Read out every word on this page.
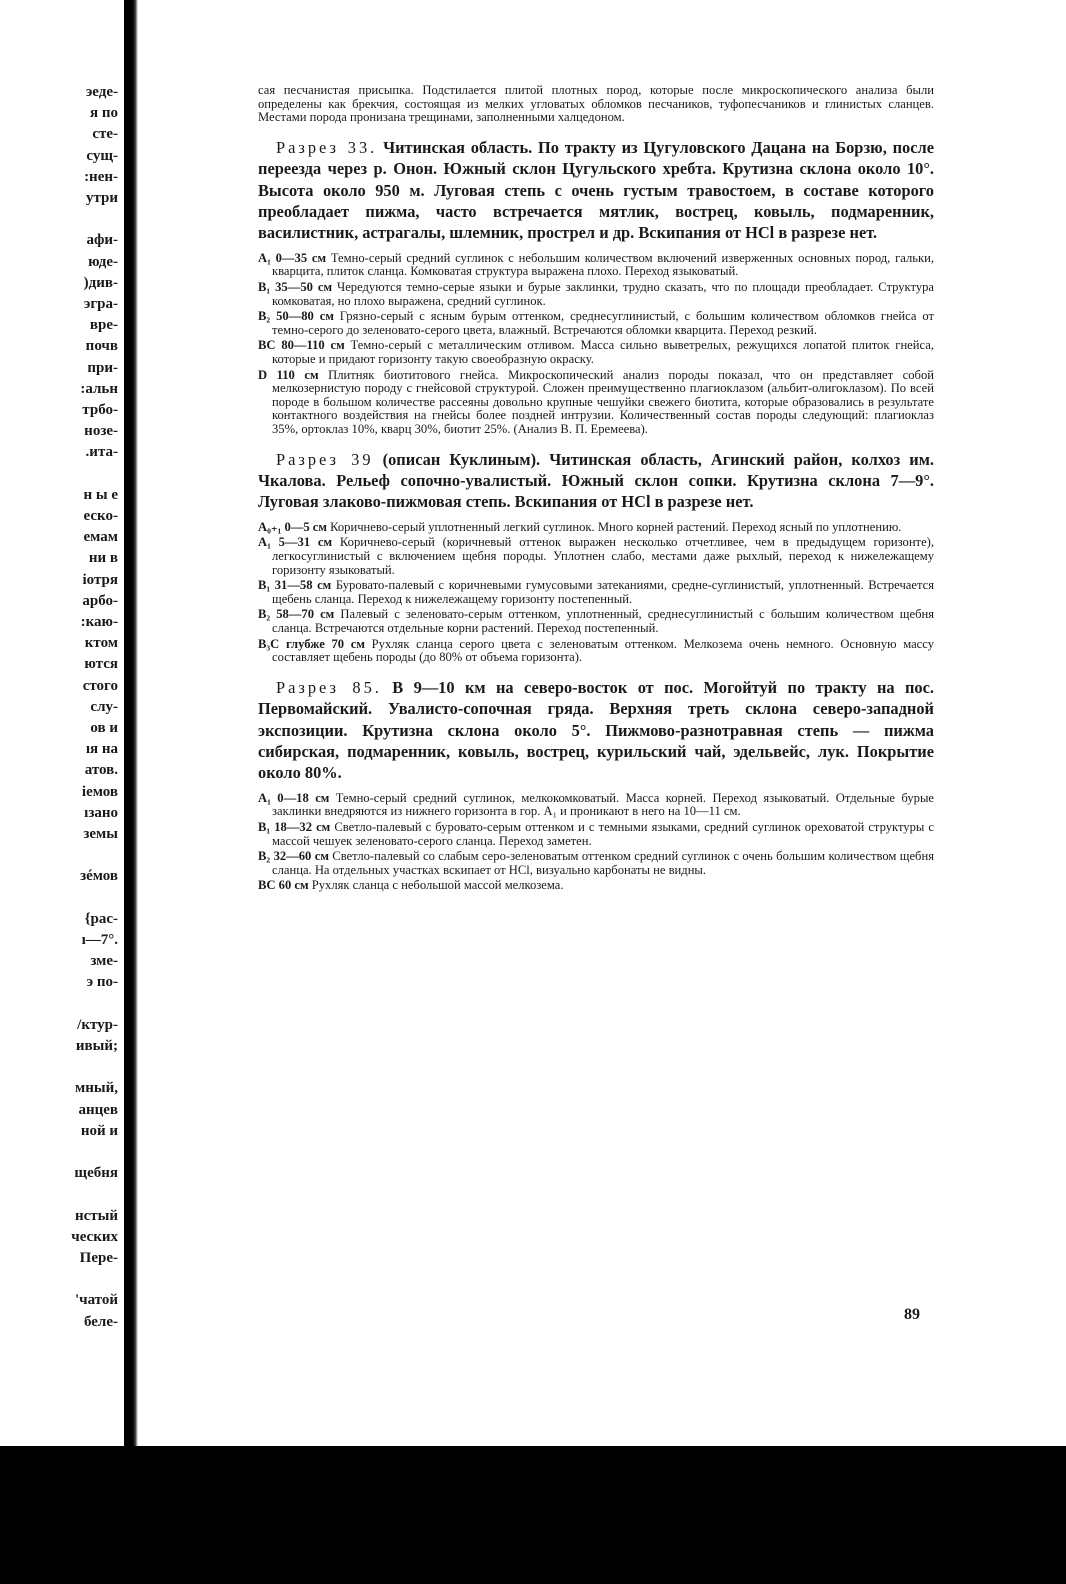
эеде-
я по
сте-
сущ-
:нен-
утри
афи-
юде-
)див-
эгра-
вре-
почв
при-
:альн
трбо-
нозе-
.ита-
н ы е
еско-
емам
ни в
iотря
арбо-
:каю-
ктом
ются
стого
слу-
ов и
ıя на
атов.
iемов
ıзано
земы
зéмов
{рас-
ı—7°.
зме-
э по-
/ктур-
ивый;
мный,
анцев
ной и
щебня
нстый
ческих
Пере-
'чатой
беле-

сая песчанистая присыпка. Подстилается плитой плотных пород, которые после микроскопического анализа были определены как брекчия, состоящая из мелких угловатых обломков песчаников, туфопесчаников и глинистых сланцев. Местами порода пронизана трещинами, заполненными халцедоном.

Разрез 33. Читинская область. По тракту из Цугуловского Дацана на Борзю, после переезда через р. Онон. Южный склон Цугульского хребта. Крутизна склона около 10°. Высота около 950 м. Луговая степь с очень густым травостоем, в составе которого преобладает пижма, часто встречается мятлик, вострец, ковыль, подмаренник, василистник, астрагалы, шлемник, прострел и др. Вскипания от HCl в разрезе нет.

A₁ 0—35 см Темно-серый средний суглинок с небольшим количеством включений изверженных основных пород, гальки, кварцита, плиток сланца. Комковатая структура выражена плохо. Переход языковатый.

B₁ 35—50 см Чередуются темно-серые языки и бурые заклинки, трудно сказать, что по площади преобладает. Структура комковатая, но плохо выражена, средний суглинок.

B₂ 50—80 см Грязно-серый с ясным бурым оттенком, среднесуглинистый, с большим количеством обломков гнейса от темно-серого до зеленовато-серого цвета, влажный. Встречаются обломки кварцита. Переход резкий.

BC 80—110 см Темно-серый с металлическим отливом. Масса сильно выветрелых, режущихся лопатой плиток гнейса, которые и придают горизонту такую своеобразную окраску.

D 110 см Плитняк биотитового гнейса. Микроскопический анализ породы показал, что он представляет собой мелкозернистую породу с гнейсовой структурой. Сложен преимущественно плагиоклазом (альбит-олигоклазом). По всей породе в большом количестве рассеяны довольно крупные чешуйки свежего биотита, которые образовались в результате контактного воздействия на гнейсы более поздней интрузии. Количественный состав породы следующий: плагиоклаз 35%, ортоклаз 10%, кварц 30%, биотит 25%. (Анализ В. П. Еремеева).

Разрез 39 (описан Куклиным). Читинская область, Агинский район, колхоз им. Чкалова. Рельеф сопочно-увалистый. Южный склон сопки. Крутизна склона 7—9°. Луговая злаково-пижмовая степь. Вскипания от HCl в разрезе нет.

A₀₊₁ 0—5 см Коричнево-серый уплотненный легкий суглинок. Много корней растений. Переход ясный по уплотнению.

A₁ 5—31 см Коричнево-серый (коричневый оттенок выражен несколько отчетливее, чем в предыдущем горизонте), легкосуглинистый с включением щебня породы. Уплотнен слабо, местами даже рыхлый, переход к нижележащему горизонту языковатый.

B₁ 31—58 см Буровато-палевый с коричневыми гумусовыми затеканиями, средне-суглинистый, уплотненный. Встречается щебень сланца. Переход к нижележащему горизонту постепенный.

B₂ 58—70 см Палевый с зеленовато-серым оттенком, уплотненный, среднесуглинистый с большим количеством щебня сланца. Встречаются отдельные корни растений. Переход постепенный.

B₃C глубже 70 см Рухляк сланца серого цвета с зеленоватым оттенком. Мелкозема очень немного. Основную массу составляет щебень породы (до 80% от объема горизонта).

Разрез 85. В 9—10 км на северо-восток от пос. Могойтуй по тракту на пос. Первомайский. Увалисто-сопочная гряда. Верхняя треть склона северо-западной экспозиции. Крутизна склона около 5°. Пижмово-разнотравная степь — пижма сибирская, подмаренник, ковыль, вострец, курильский чай, эдельвейс, лук. Покрытие около 80%.

A₁ 0—18 см Темно-серый средний суглинок, мелкокомковатый. Масса корней. Переход языковатый. Отдельные бурые заклинки внедряются из нижнего горизонта в гор. A₁ и проникают в него на 10—11 см.

B₁ 18—32 см Светло-палевый с буровато-серым оттенком и с темными языками, средний суглинок ореховатой структуры с массой чешуек зеленовато-серого сланца. Переход заметен.

B₂ 32—60 см Светло-палевый со слабым серо-зеленоватым оттенком средний суглинок с очень большим количеством щебня сланца. На отдельных участках вскипает от HCl, визуально карбонаты не видны.

BC 60 см Рухляк сланца с небольшой массой мелкозема.

89
